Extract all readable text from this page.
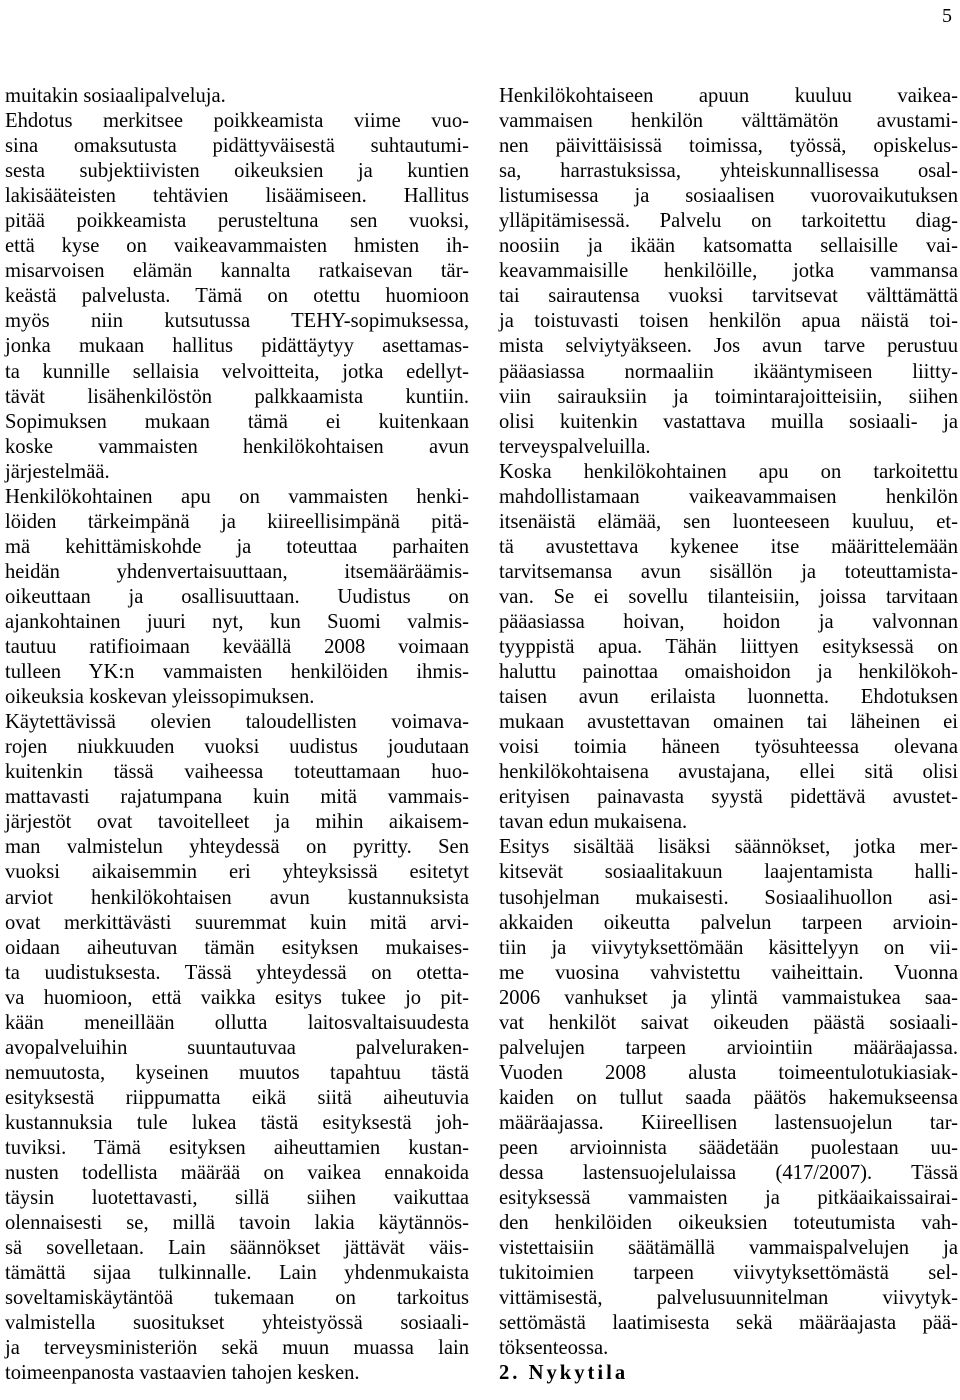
5
muitakin sosiaalipalveluja.
Ehdotus merkitsee poikkeamista viime vuo-
sina omaksutusta pidättyväisestä suhtautumi-
sesta subjektiivisten oikeuksien ja kuntien
lakisääteisten tehtävien lisäämiseen. Hallitus
pitää poikkeamista perusteltuna sen vuoksi,
että kyse on vaikeavammaisten hmisten ih-
misarvoisen elämän kannalta ratkaisevan tär-
keästä palvelusta. Tämä on otettu huomioon
myös niin kutsutussa TEHY-sopimuksessa,
jonka mukaan hallitus pidättäytyy asettamas-
ta kunnille sellaisia velvoitteita, jotka edellyt-
tävät lisähenkilöstön palkkaamista kuntiin.
Sopimuksen mukaan tämä ei kuitenkaan
koske vammaisten henkilökohtaisen avun
järjestelmää.
Henkilökohtainen apu on vammaisten henki-
löiden tärkeimpänä ja kiireellisimpänä pitä-
mä kehittämiskohde ja toteuttaa parhaiten
heidän yhdenvertaisuuttaan, itsemääräämis-
oikeuttaan ja osallisuuttaan. Uudistus on
ajankohtainen juuri nyt, kun Suomi valmis-
tautuu ratifioimaan keväällä 2008 voimaan
tulleen YK:n vammaisten henkilöiden ihmis-
oikeuksia koskevan yleissopimuksen.
Käytettävissä olevien taloudellisten voimava-
rojen niukkuuden vuoksi uudistus joudutaan
kuitenkin tässä vaiheessa toteuttamaan huo-
mattavasti rajatumpana kuin mitä vammais-
järjestöt ovat tavoitelleet ja mihin aikaisem-
man valmistelun yhteydessä on pyritty. Sen
vuoksi aikaisemmin eri yhteyksissä esitetyt
arviot henkilökohtaisen avun kustannuksista
ovat merkittävästi suuremmat kuin mitä arvi-
oidaan aiheutuvan tämän esityksen mukaises-
ta uudistuksesta. Tässä yhteydessä on otetta-
va huomioon, että vaikka esitys tukee jo pit-
kään meneillään ollutta laitosvaltaisuudesta
avopalveluihin suuntautuvaa palveluraken-
nemuutosta, kyseinen muutos tapahtuu tästä
esityksestä riippumatta eikä siitä aiheutuvia
kustannuksia tule lukea tästä esityksestä joh-
tuviksi. Tämä esityksen aiheuttamien kustan-
nusten todellista määrää on vaikea ennakoida
täysin luotettavasti, sillä siihen vaikuttaa
olennaisesti se, millä tavoin lakia käytännös-
sä sovelletaan. Lain säännökset jättävät väis-
tämättä sijaa tulkinnalle. Lain yhdenmukaista
soveltamiskäytäntöä tukemaan on tarkoitus
valmistella suositukset yhteistyössä sosiaali-
ja terveysministeriön sekä muun muassa lain
toimeenpanosta vastaavien tahojen kesken.
Henkilökohtaiseen apuun kuuluu vaikea-
vammaisen henkilön välttämätön avustami-
nen päivittäisissä toimissa, työssä, opiskelus-
sa, harrastuksissa, yhteiskunnallisessa osal-
listumisessa ja sosiaalisen vuorovaikutuksen
ylläpitämisessä. Palvelu on tarkoitettu diag-
noosiin ja ikään katsomatta sellaisille vai-
keavammaisille henkilöille, jotka vammansa
tai sairautensa vuoksi tarvitsevat välttämättä
ja toistuvasti toisen henkilön apua näistä toi-
mista selviytyäkseen. Jos avun tarve perustuu
pääasiassa normaaliin ikääntymiseen liitty-
viin sairauksiin ja toimintarajoitteisiin, siihen
olisi kuitenkin vastattava muilla sosiaali- ja
terveyspalveluilla.
Koska henkilökohtainen apu on tarkoitettu
mahdollistamaan vaikeavammaisen henkilön
itsenäistä elämää, sen luonteeseen kuuluu, et-
tä avustettava kykenee itse määrittelemään
tarvitsemansa avun sisällön ja toteuttamista-
van. Se ei sovellu tilanteisiin, joissa tarvitaan
pääasiassa hoivan, hoidon ja valvonnan
tyyppistä apua. Tähän liittyen esityksessä on
haluttu painottaa omaishoidon ja henkilökoh-
taisen avun erilaista luonnetta. Ehdotuksen
mukaan avustettavan omainen tai läheinen ei
voisi toimia häneen työsuhteessa olevana
henkilökohtaisena avustajana, ellei sitä olisi
erityisen painavasta syystä pidettävä avustet-
tavan edun mukaisena.
Esitys sisältää lisäksi säännökset, jotka mer-
kitsevät sosiaalitakuun laajentamista halli-
tusohjelman mukaisesti. Sosiaalihuollon asi-
akkaiden oikeutta palvelun tarpeen arvioin-
tiin ja viivytyksettömään käsittelyyn on vii-
me vuosina vahvistettu vaiheittain. Vuonna
2006 vanhukset ja ylintä vammaistukea saa-
vat henkilöt saivat oikeuden päästä sosiaali-
palvelujen tarpeen arviointiin määräajassa.
Vuoden 2008 alusta toimeentulotukiasiak-
kaiden on tullut saada päätös hakemukseensa
määräajassa. Kiireellisen lastensuojelun tar-
peen arvioinnista säädetään puolestaan uu-
dessa lastensuojelulaissa (417/2007). Tässä
esityksessä vammaisten ja pitkäaikaissairai-
den henkilöiden oikeuksien toteutumista vah-
vistettaisiin säätämällä vammaispalvelujen ja
tukitoimien tarpeen viivytyksettömästä sel-
vittämisestä, palvelusuunnitelman viivytyk-
settömästä laatimisesta sekä määräajasta pää-
töksenteossa.
2. Nykytila
